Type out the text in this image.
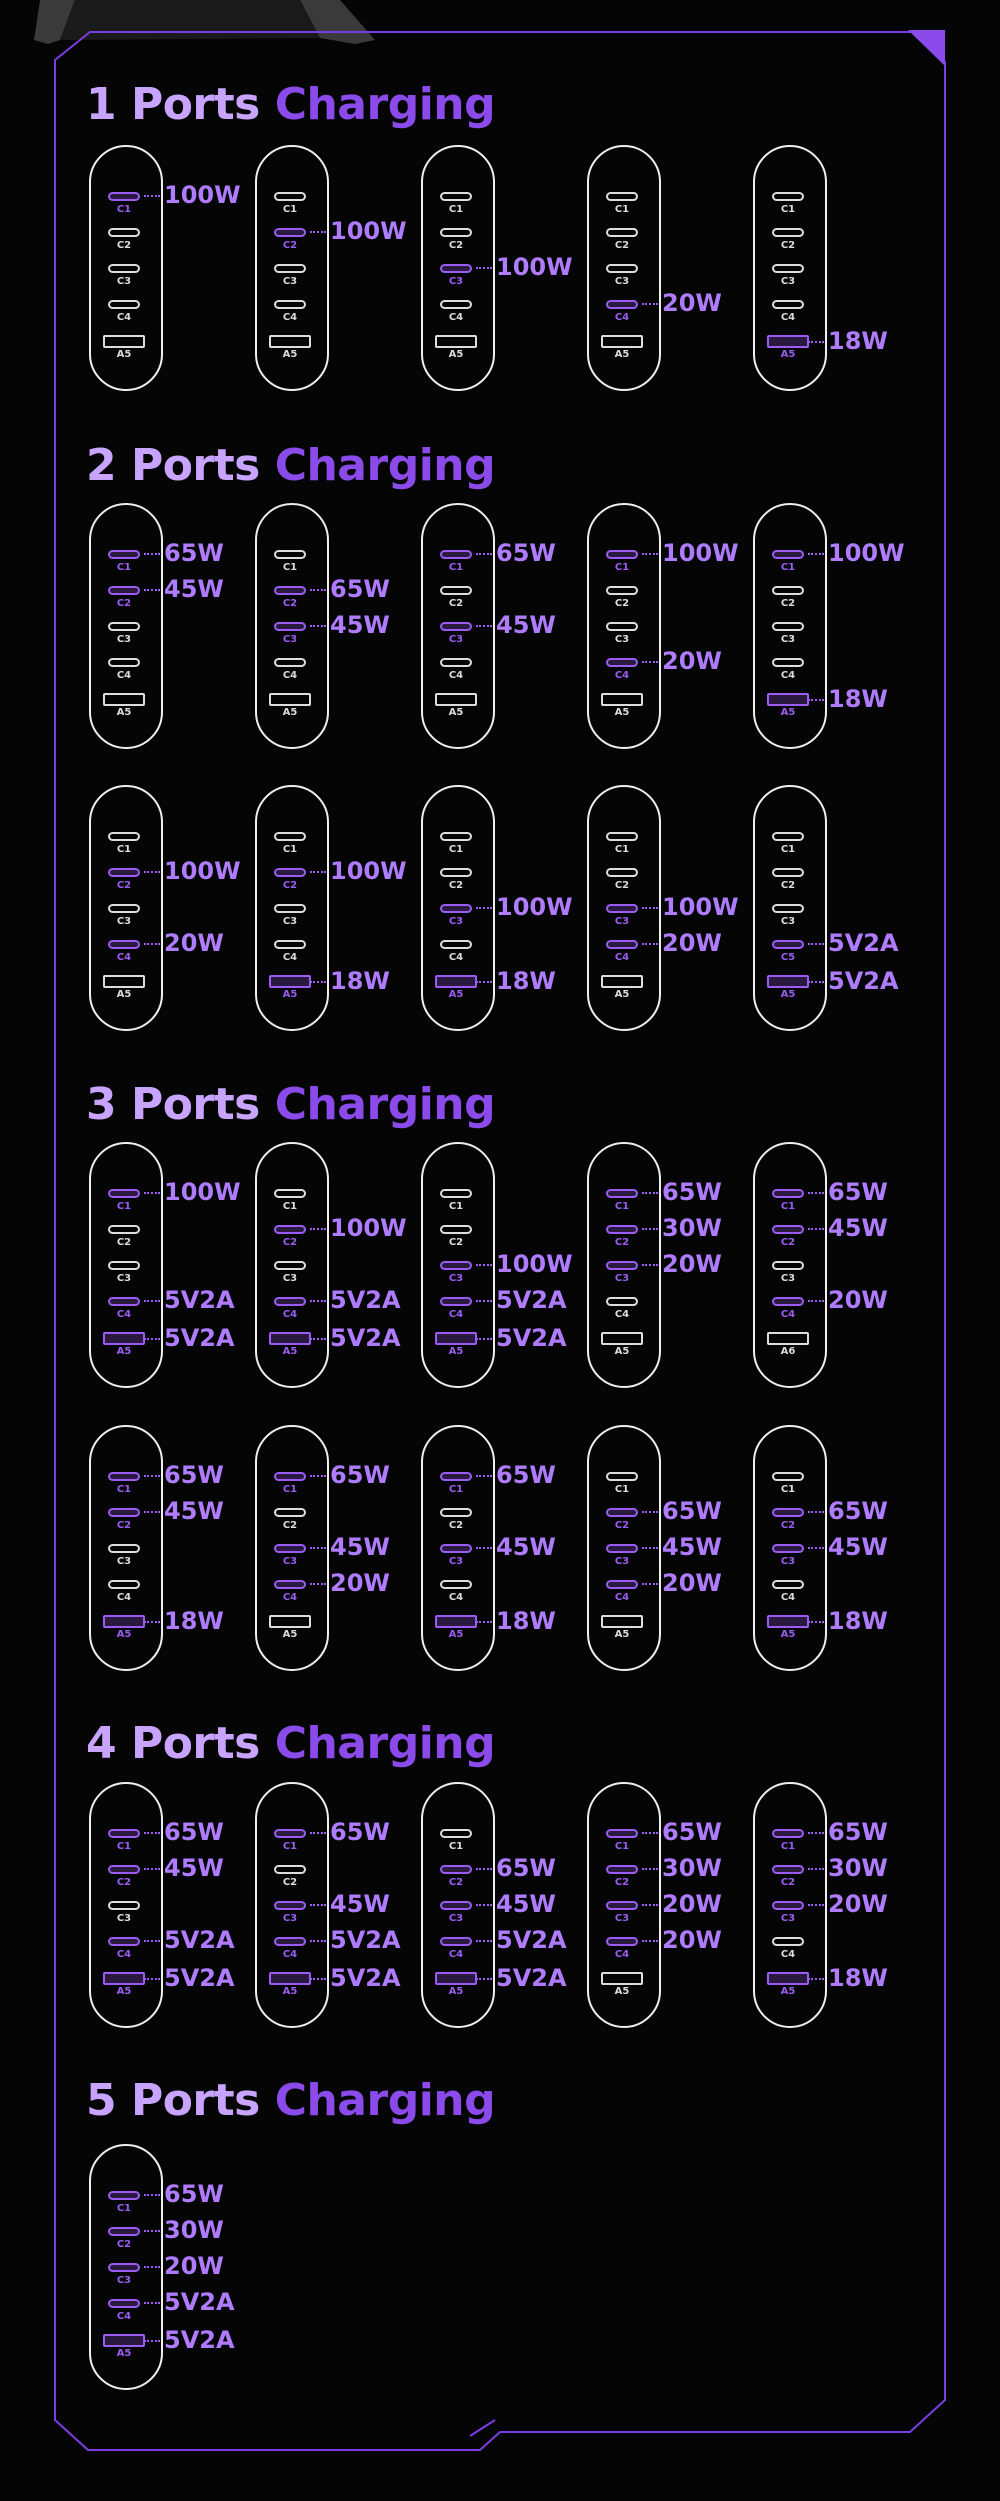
1 Ports Charging
C1
C2
C3
C4
A5
100W
C1
C2
C3
C4
A5
100W
C1
C2
C3
C4
A5
100W
C1
C2
C3
C4
A5
20W
C1
C2
C3
C4
A5	18W
2 Ports Charging
C1
C2
C3
C4
A5
65W
45W
C1
C2
C3
C4
A5
65W
45W
C1
C2
C3
C4
A5
65W
45W
C1
C2
C3
C4
A5
100W
20W
C1
C2
C3
C4
A5
100W
18W
C1
C2
C3
C4
A5
100W
20W
C1
C2
C3
C4
A5
100W
18W
C1
C2
C3
C4
A5
100W
18W
C1
C2
C3
C4
A5
100W
20W
C1
C2
C3
C5
A5
5V2A
5V2A
3 Ports Charging
C1
C2
C3
C4
A5
100W
5V2A
5V2A
C1
C2
C3
C4
A5
100W
5V2A
5V2A
C1
C2
C3
C4
A5
100W
5V2A
5V2A
C1
C2
C3
C4
A5
65W
30W
20W
C1
C2
C3
C4
A6
65W
45W
20W
C1
C2
C3
C4
A5
65W
45W
18W
C1
C2
C3
C4
A5
65W
45W
20W
C1
C2
C3
C4
A5
65W
45W
18W
C1
C2
C3
C4
A5
65W
45W
20W
C1
C2
C3
C4
A5
65W
45W
18W
4 Ports Charging
C1
C2
C3
C4
A5
65W
45W
5V2A
5V2A
C1
C2
C3
C4
A5
65W
45W
5V2A
5V2A
C1
C2
C3
C4
A5
65W
45W
5V2A
5V2A
C1
C2
C3
C4
A5
65W
30W
20W
20W
C1
C2
C3
C4
A5
65W
30W
20W
18W
5 Ports Charging
C1
C2
C3
C4
A5
65W
30W
20W
5V2A
5V2A
